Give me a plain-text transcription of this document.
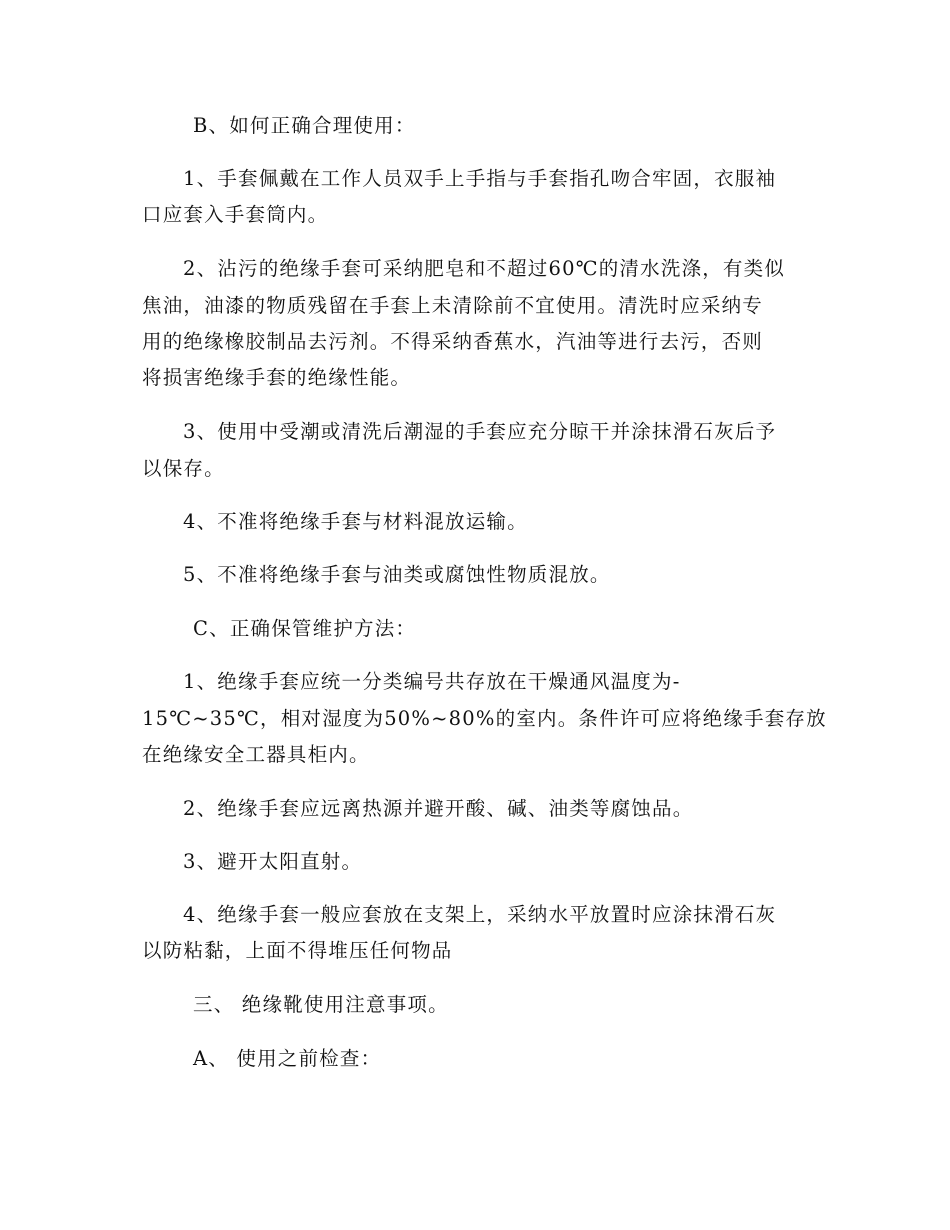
B、如何正确合理使用：
1、手套佩戴在工作人员双手上手指与手套指孔吻合牢固，衣服袖
口应套入手套筒内。
2、沾污的绝缘手套可采纳肥皂和不超过60℃的清水洗涤，有类似
焦油，油漆的物质残留在手套上未清除前不宜使用。清洗时应采纳专
用的绝缘橡胶制品去污剂。不得采纳香蕉水，汽油等进行去污，否则
将损害绝缘手套的绝缘性能。
3、使用中受潮或清洗后潮湿的手套应充分晾干并涂抹滑石灰后予
以保存。
4、不准将绝缘手套与材料混放运输。
5、不准将绝缘手套与油类或腐蚀性物质混放。
C、正确保管维护方法：
1、绝缘手套应统一分类编号共存放在干燥通风温度为-
15℃~35℃，相对湿度为50%~80%的室内。条件许可应将绝缘手套存放
在绝缘安全工器具柜内。
2、绝缘手套应远离热源并避开酸、碱、油类等腐蚀品。
3、避开太阳直射。
4、绝缘手套一般应套放在支架上，采纳水平放置时应涂抹滑石灰
以防粘黏，上面不得堆压任何物品
三、 绝缘靴使用注意事项。
A、 使用之前检查：
